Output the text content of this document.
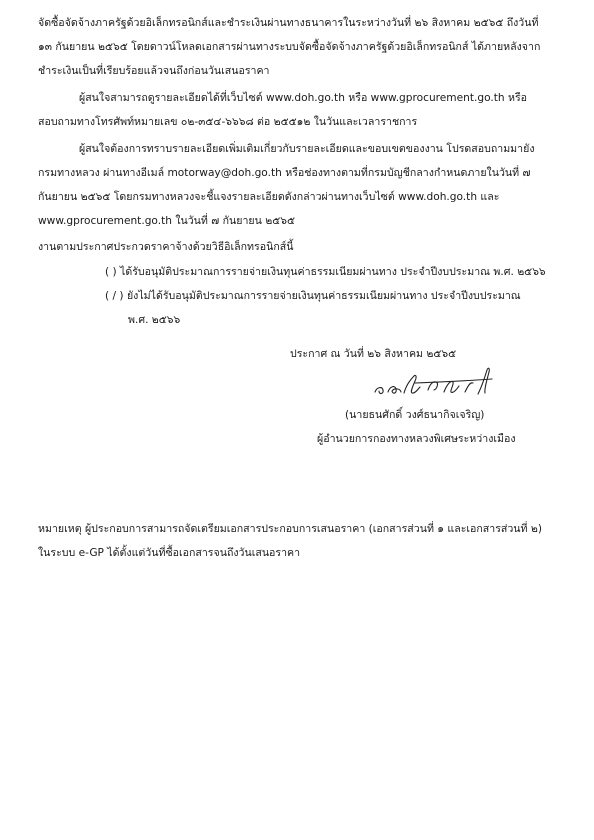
จัดซื้อจัดจ้างภาครัฐด้วยอิเล็กทรอนิกส์และชำระเงินผ่านทางธนาคารในระหว่างวันที่ ๒๖ สิงหาคม ๒๕๖๕ ถึงวันที่
๑๓ กันยายน ๒๕๖๕ โดยดาวน์โหลดเอกสารผ่านทางระบบจัดซื้อจัดจ้างภาครัฐด้วยอิเล็กทรอนิกส์ ได้ภายหลังจาก
ชำระเงินเป็นที่เรียบร้อยแล้วจนถึงก่อนวันเสนอราคา
ผู้สนใจสามารถดูรายละเอียดได้ที่เว็บไซต์ www.doh.go.th หรือ www.gprocurement.go.th หรือ
สอบถามทางโทรศัพท์หมายเลข ๐๒-๓๕๔-๖๖๖๘ ต่อ ๒๕๕๑๒ ในวันและเวลาราชการ
ผู้สนใจต้องการทราบรายละเอียดเพิ่มเติมเกี่ยวกับรายละเอียดและขอบเขตของงาน โปรดสอบถามมายัง
กรมทางหลวง ผ่านทางอีเมล์ motorway@doh.go.th หรือช่องทางตามที่กรมบัญชีกลางกำหนดภายในวันที่ ๗
กันยายน ๒๕๖๕ โดยกรมทางหลวงจะชี้แจงรายละเอียดดังกล่าวผ่านทางเว็บไซต์ www.doh.go.th และ
www.gprocurement.go.th ในวันที่ ๗ กันยายน ๒๕๖๕
งานตามประกาศประกวดราคาจ้างด้วยวิธีอิเล็กทรอนิกส์นี้
( ) ได้รับอนุมัติประมาณการรายจ่ายเงินทุนค่าธรรมเนียมผ่านทาง ประจำปีงบประมาณ พ.ศ. ๒๕๖๖
( / ) ยังไม่ได้รับอนุมัติประมาณการรายจ่ายเงินทุนค่าธรรมเนียมผ่านทาง ประจำปีงบประมาณ
พ.ศ. ๒๕๖๖
ประกาศ ณ วันที่ ๒๖ สิงหาคม ๒๕๖๕
(นายธนศักดิ์ วงศ์ธนากิจเจริญ)
ผู้อำนวยการกองทางหลวงพิเศษระหว่างเมือง
หมายเหตุ ผู้ประกอบการสามารถจัดเตรียมเอกสารประกอบการเสนอราคา (เอกสารส่วนที่ ๑ และเอกสารส่วนที่ ๒)
ในระบบ e-GP ได้ตั้งแต่วันที่ซื้อเอกสารจนถึงวันเสนอราคา
